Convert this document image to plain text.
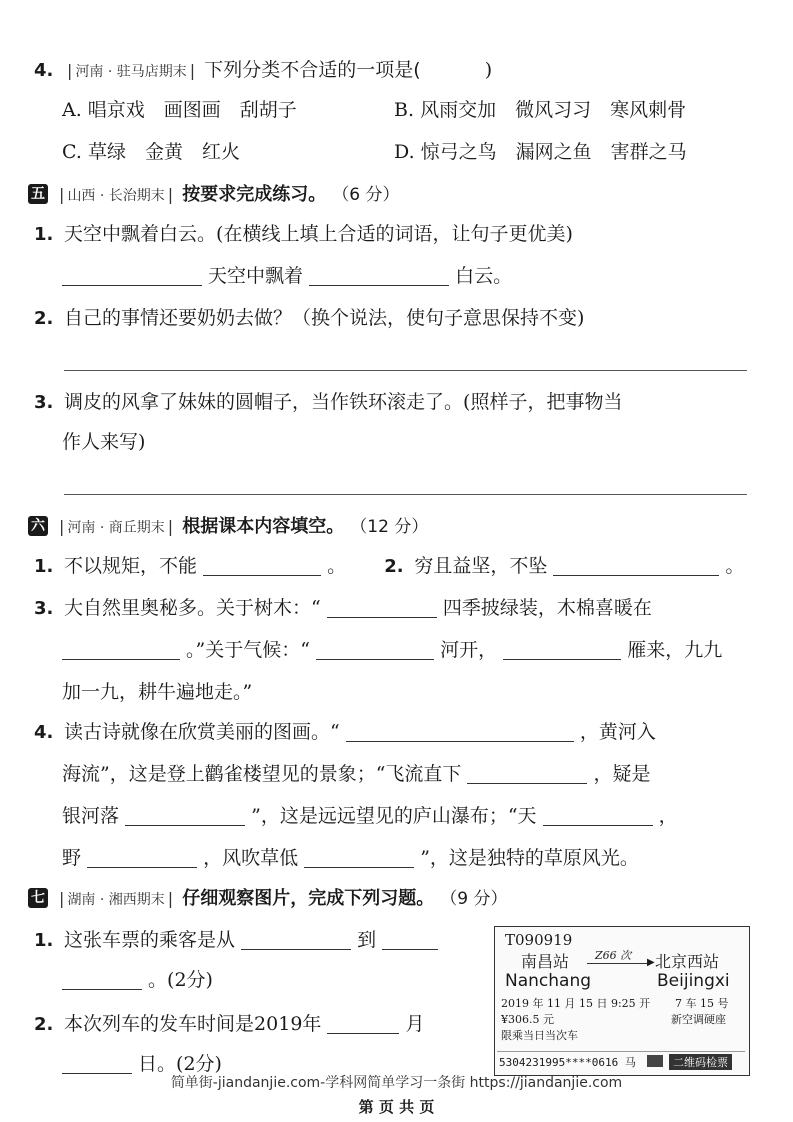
4. | 河南 · 驻马店期末 | 下列分类不合适的一项是(	)
A. 唱京戏　画图画　刮胡子	B. 风雨交加　微风习习　寒风刺骨
C. 草绿　金黄　红火	D. 惊弓之鸟　漏网之鱼　害群之马
五 | 山西 · 长治期末 | 按要求完成练习。 （6 分）
1. 天空中飘着白云。(在横线上填上合适的词语，让句子更优美)
天空中飘着	白云。
2. 自己的事情还要奶奶去做？（换个说法，使句子意思保持不变)
3. 调皮的风拿了妹妹的圆帽子，当作铁环滚走了。(照样子，把事物当
作人来写)
六 | 河南 · 商丘期末 | 根据课本内容填空。 （12 分）
1. 不以规矩，不能	。 2. 穷且益坚，不坠	。
3. 大自然里奥秘多。关于树木：“	四季披绿装，木棉喜暖在
。”关于气候：“	河开，	雁来，九九
加一九，耕牛遍地走。”
4. 读古诗就像在欣赏美丽的图画。“	，黄河入
海流”，这是登上鹳雀楼望见的景象；“飞流直下	，疑是
银河落	”，这是远远望见的庐山瀑布；“天	，
野	，风吹草低	”，这是独特的草原风光。
七 | 湖南 · 湘西期末 | 仔细观察图片，完成下列习题。 （9 分）
1. 这张车票的乘客是从	到
。(2分)
2. 本次列车的发车时间是2019年	月
日。(2分)
T090919
南昌站 Z66 次
▶ 北京西站
Nanchang	Beijingxi
2019 年 11 月 15 日 9:25 开 7 车 15 号
¥306.5 元	新空调硬座
限乘当日当次车
5304231995****0616 马	二维码检票
简单街-jiandanjie.com-学科网简单学习一条街 https://jiandanjie.com
第 页 共 页
